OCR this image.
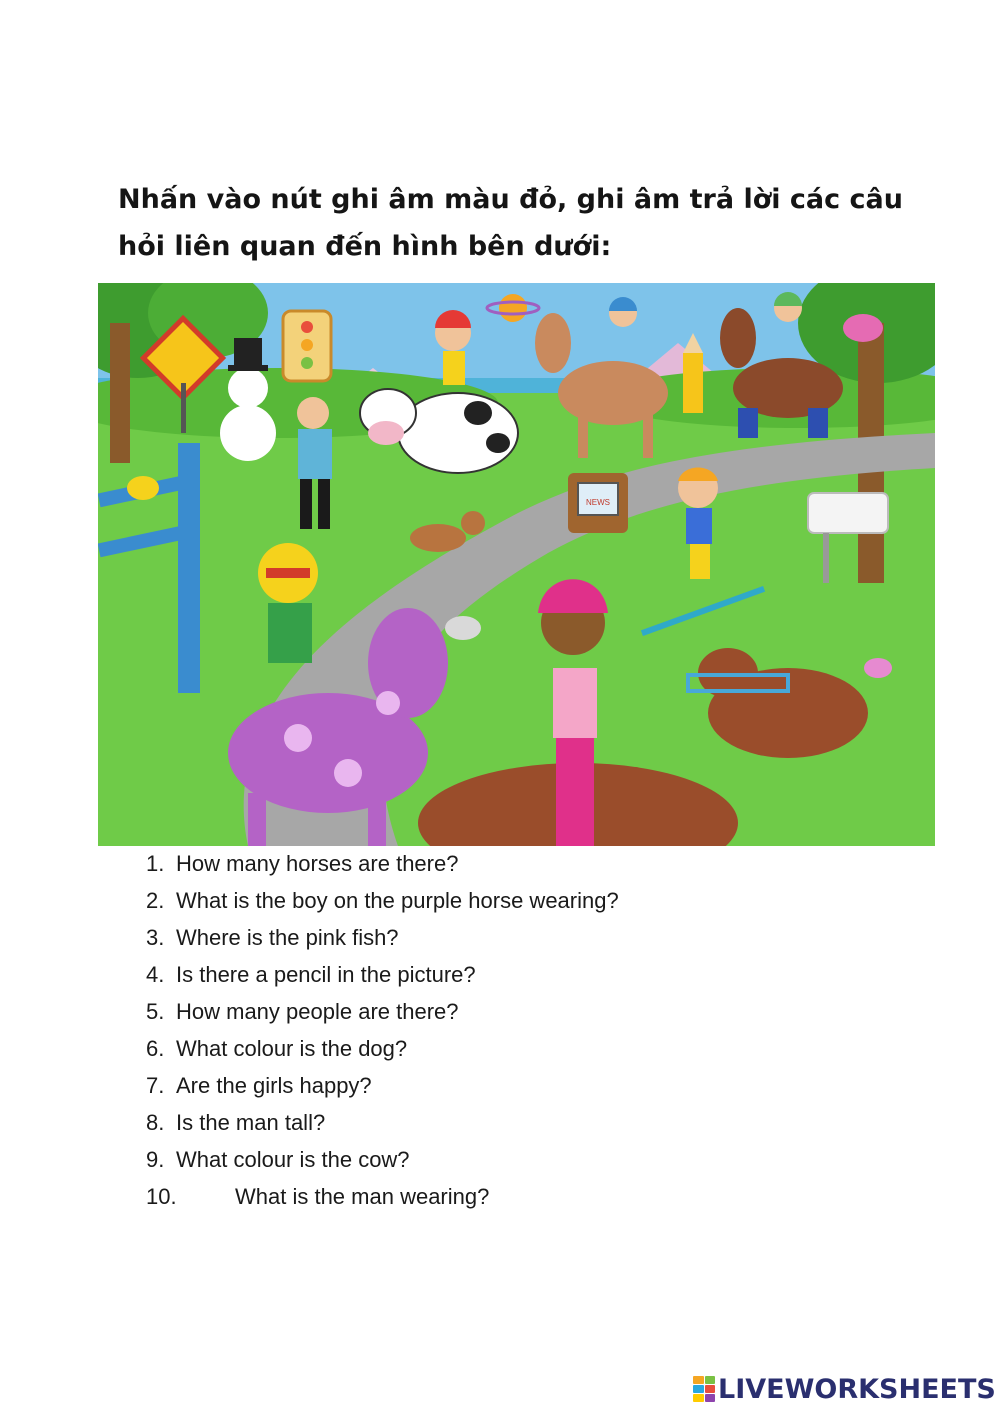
Nhấn vào nút ghi âm màu đỏ, ghi âm trả lời các câu
hỏi liên quan đến hình bên dưới:
NEWS
1. How many horses are there?
2. What is the boy on the purple horse wearing?
3. Where is the pink fish?
4. Is there a pencil in the picture?
5. How many people are there?
6. What colour is the dog?
7. Are the girls happy?
8. Is the man tall?
9. What colour is the cow?
10.	What is the man wearing?
LIVEWORKSHEETS
